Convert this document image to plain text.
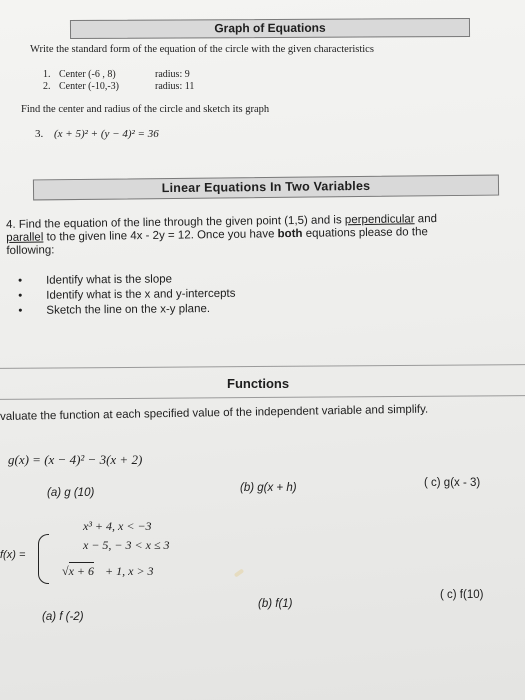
Graph of Equations
Write the standard form of the equation of the circle with the given characteristics
1. Center (-6 , 8)	radius: 9
2. Center (-10,-3)	radius: 11
Find the center and radius of the circle and sketch its graph
3. (x + 5)² + (y − 4)² = 36
Linear Equations In Two Variables
4. Find the equation of the line through the given point (1,5) and is perpendicular and
parallel to the given line 4x - 2y = 12. Once you have both equations please do the
following:
• Identify what is the slope
• Identify what is the x and y-intercepts
• Sketch the line on the x-y plane.
Functions
valuate the function at each specified value of the independent variable and simplify.
g(x) = (x − 4)² − 3(x + 2)

(a) g (10)	(b) g(x + h)	( c) g(x - 3)
f(x) =
x³ + 4, x < −3
x − 5, − 3 < x ≤ 3
√x + 6 + 1, x > 3
(a) f (-2)
(b) f(1)
( c) f(10)
